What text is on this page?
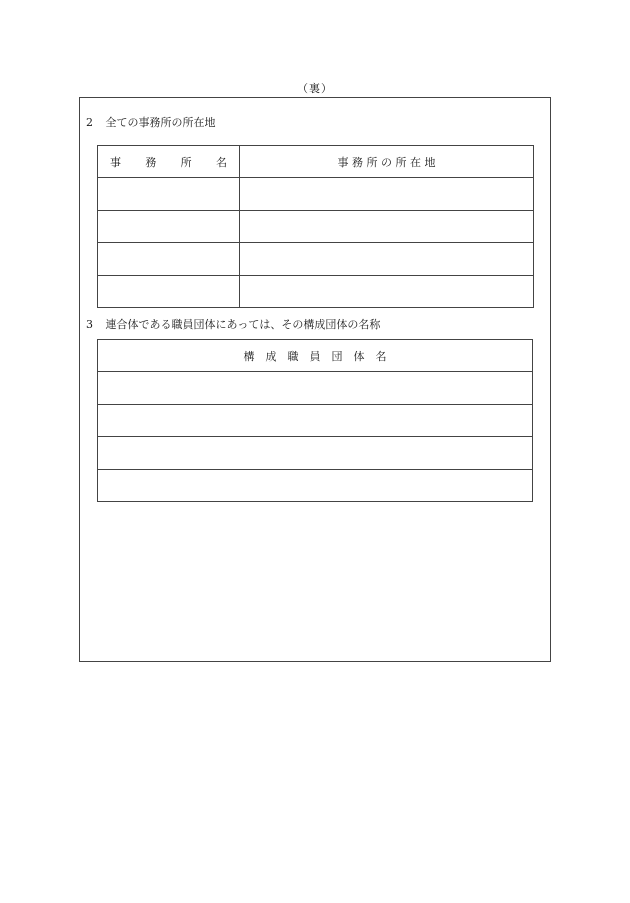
（裏）
2 全ての事務所の所在地
事　　務　　所　　名	事 務 所 の 所 在 地

3 連合体である職員団体にあっては、その構成団体の名称
構　成　職　員　団　体　名
